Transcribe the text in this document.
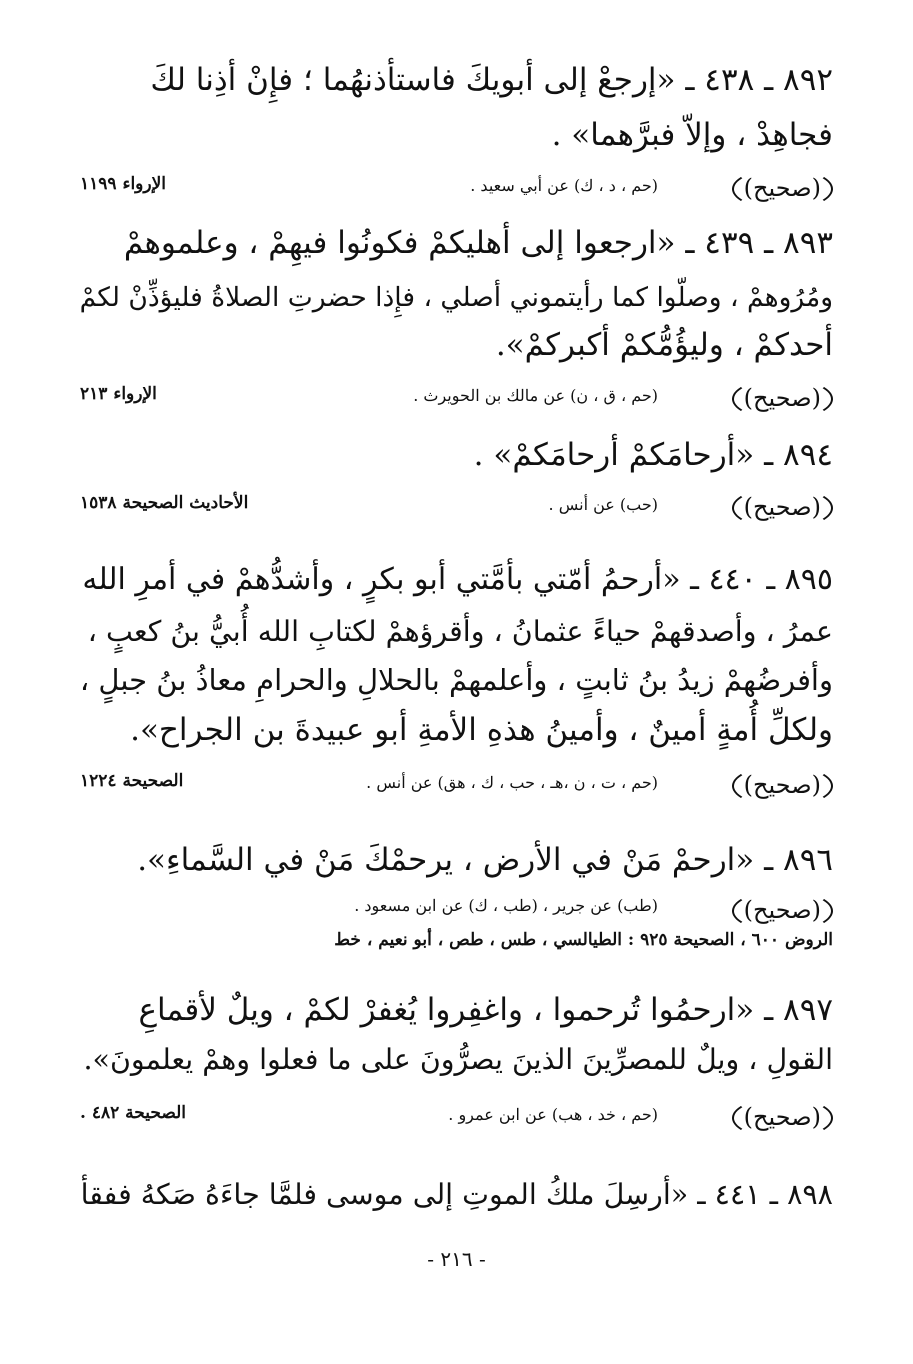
٨٩٢ ـ ٤٣٨ ـ «إرجعْ إلى أبويكَ فاستأذنهُما ؛ فإِنْ أذِنا لكَ
فجاهِدْ ، وإلاّ فبرَّهما» .
(صحيح)
(حم ، د ، ك) عن أبي سعيد .
الإرواء ١١٩٩
٨٩٣ ـ ٤٣٩ ـ «ارجعوا إلى أهليكمْ فكونُوا فيهِمْ ، وعلموهمْ
ومُرُوهمْ ، وصلّوا كما رأيتموني أصلي ، فإِذا حضرتِ الصلاةُ فليؤذِّنْ لكمْ
أحدكمْ ، وليؤُمُّكمْ أكبركمْ».
(صحيح)
(حم ، ق ، ن) عن مالك بن الحويرث .
الإرواء ٢١٣
٨٩٤ ـ «أرحامَكمْ أرحامَكمْ» .
(صحيح)
(حب) عن أنس .
الأحاديث الصحيحة ١٥٣٨
٨٩٥ ـ ٤٤٠ ـ «أرحمُ أمّتي بأمَّتي أبو بكرٍ ، وأشدُّهمْ في أمرِ الله
عمرُ ، وأصدقهمْ حياءً عثمانُ ، وأقرؤهمْ لكتابِ الله أُبيُّ بنُ كعبٍ ،
وأفرضُهمْ زيدُ بنُ ثابتٍ ، وأعلمهمْ بالحلالِ والحرامِ معاذُ بنُ جبلٍ ،
ولكلِّ أُمةٍ أمينٌ ، وأمينُ هذهِ الأمةِ أبو عبيدةَ بن الجراح».
(صحيح)
(حم ، ت ، ن ،هـ ، حب ، ك ، هق) عن أنس .
الصحيحة ١٢٢٤
٨٩٦ ـ «ارحمْ مَنْ في الأرض ، يرحمْكَ مَنْ في السَّماءِ».
(صحيح)
(طب) عن جرير ، (طب ، ك) عن ابن مسعود .
الروض ٦٠٠ ، الصحيحة ٩٢٥ : الطيالسي ، طس ، طص ، أبو نعيم ، خط
٨٩٧ ـ «ارحمُوا تُرحموا ، واغفِروا يُغفرْ لكمْ ، ويلٌ لأقماعِ
القولِ ، ويلٌ للمصرِّينَ الذينَ يصرُّونَ على ما فعلوا وهمْ يعلمونَ».
(صحيح)
(حم ، خد ، هب) عن ابن عمرو .
الصحيحة ٤٨٢ .
٨٩٨ ـ ٤٤١ ـ «أرسِلَ ملكُ الموتِ إلى موسى فلمَّا جاءَهُ صَكهُ ففقأ
- ٢١٦ -
